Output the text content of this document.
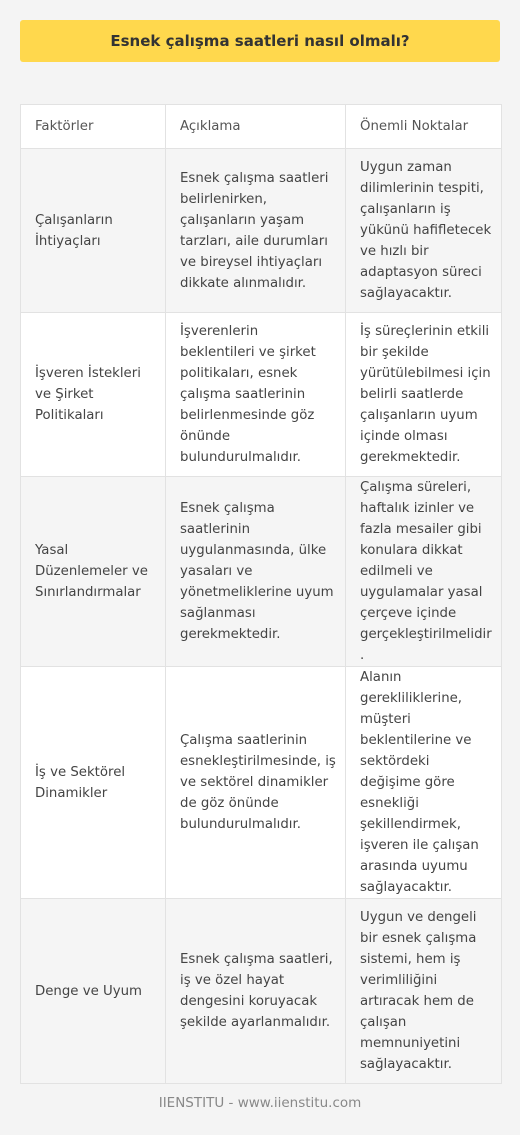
Esnek çalışma saatleri nasıl olmalı?
Faktörler	Açıklama	Önemli Noktalar
Çalışanların İhtiyaçları	Esnek çalışma saatleri belirlenirken, çalışanların yaşam tarzları, aile durumları ve bireysel ihtiyaçları dikkate alınmalıdır.	Uygun zaman dilimlerinin tespiti, çalışanların iş yükünü hafifletecek ve hızlı bir adaptasyon süreci sağlayacaktır.
İşveren İstekleri ve Şirket Politikaları	İşverenlerin beklentileri ve şirket politikaları, esnek çalışma saatlerinin belirlenmesinde göz önünde bulundurulmalıdır.	İş süreçlerinin etkili bir şekilde yürütülebilmesi için belirli saatlerde çalışanların uyum içinde olması gerekmektedir.
Yasal Düzenlemeler ve Sınırlandırmalar	Esnek çalışma saatlerinin uygulanmasında, ülke yasaları ve yönetmeliklerine uyum sağlanması gerekmektedir.	Çalışma süreleri, haftalık izinler ve fazla mesailer gibi konulara dikkat edilmeli ve uygulamalar yasal çerçeve içinde gerçekleştirilmelidir.
İş ve Sektörel Dinamikler	Çalışma saatlerinin esnekleştirilmesinde, iş ve sektörel dinamikler de göz önünde bulundurulmalıdır.	Alanın gerekliliklerine, müşteri beklentilerine ve sektördeki değişime göre esnekliği şekillendirmek, işveren ile çalışan arasında uyumu sağlayacaktır.
Denge ve Uyum	Esnek çalışma saatleri, iş ve özel hayat dengesini koruyacak şekilde ayarlanmalıdır.	Uygun ve dengeli bir esnek çalışma sistemi, hem iş verimliliğini artıracak hem de çalışan memnuniyetini sağlayacaktır.
IIENSTITU - www.iienstitu.com
